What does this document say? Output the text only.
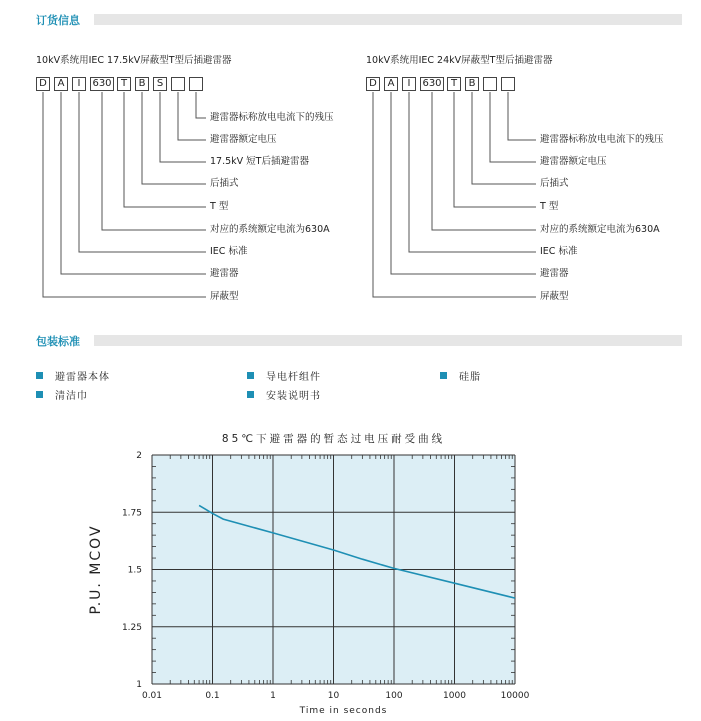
订货信息
10kV系统用IEC 17.5kV屏蔽型T型后插避雷器	10kV系统用IEC 24kV屏蔽型T型后插避雷器
D	A	I	630 T	B	S	D	A	I	630 T	B
避雷器标称放电电流下的残压
避雷器额定电压
17.5kV 短T后插避雷器
后插式
T 型
对应的系统额定电流为630A
IEC 标准
避雷器
屏蔽型
避雷器标称放电电流下的残压
避雷器额定电压
后插式
T 型
对应的系统额定电流为630A
IEC 标准
避雷器
屏蔽型
包装标准
避雷器本体	导电杆组件	硅脂
清洁巾	安装说明书
0.01	0.1	1	10	100	1000	10000
1
1.25
1.5
1.75
2
85℃下避雷器的暂态过电压耐受曲线
Time in seconds
P.U. MCOV
